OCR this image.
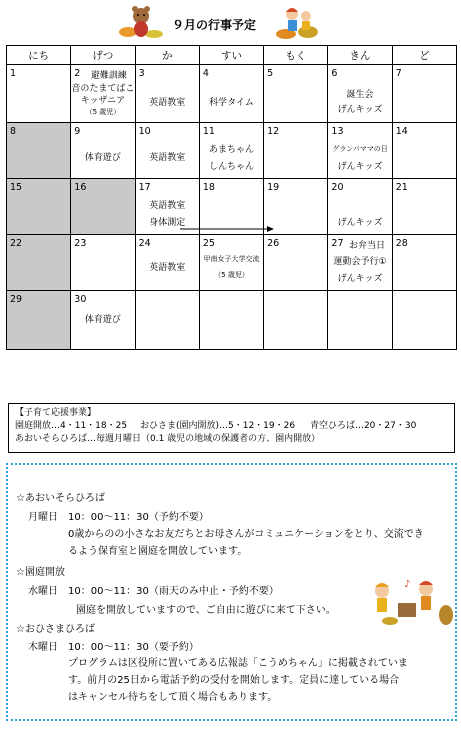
９月の行事予定
にち	げつ	か	すい	もく	きん	ど

1	2 避難訓練
音のたまてばこ
キッザニア
（5 歳児）	3
英語教室	4
科学タイム	5	6
誕生会
げんキッズ	7

8	9
体育遊び	10
英語教室	11
あまちゃん
しんちゃん	12	13
グランパママの日
げんキッズ	14

15	16	17
英語教室
身体測定	18	19	20
げんキッズ	21

22	23	24
英語教室	25
甲南女子大学交流
（5 歳児）	26	27 お弁当日
運動会予行①
げんキッズ	28

29	30
体育遊び					

【子育て応援事業】
園庭開放…4・11・18・25 おひさま(園内開放)…5・12・19・26 青空ひろば…20・27・30
あおいそらひろば…毎週月曜日（0.1 歳児の地域の保護者の方、園内開放）
☆あおいそらひろば
月曜日　10：00～11：30（予約不要）
0歳からのの小さなお友だちとお母さんがコミュニケーションをとり、交流でき
るよう保育室と園庭を開放しています。
☆園庭開放
水曜日　10：00～11：30（雨天のみ中止・予約不要）
園庭を開放していますので、ご自由に遊びに来て下さい。
☆おひさまひろば
木曜日　10：00～11：30（要予約）
プログラムは区役所に置いてある広報誌「こうめちゃん」に掲載されていま
す。前月の25日から電話予約の受付を開始します。定員に達している場合
はキャンセル待ちをして頂く場合もあります。
♪
